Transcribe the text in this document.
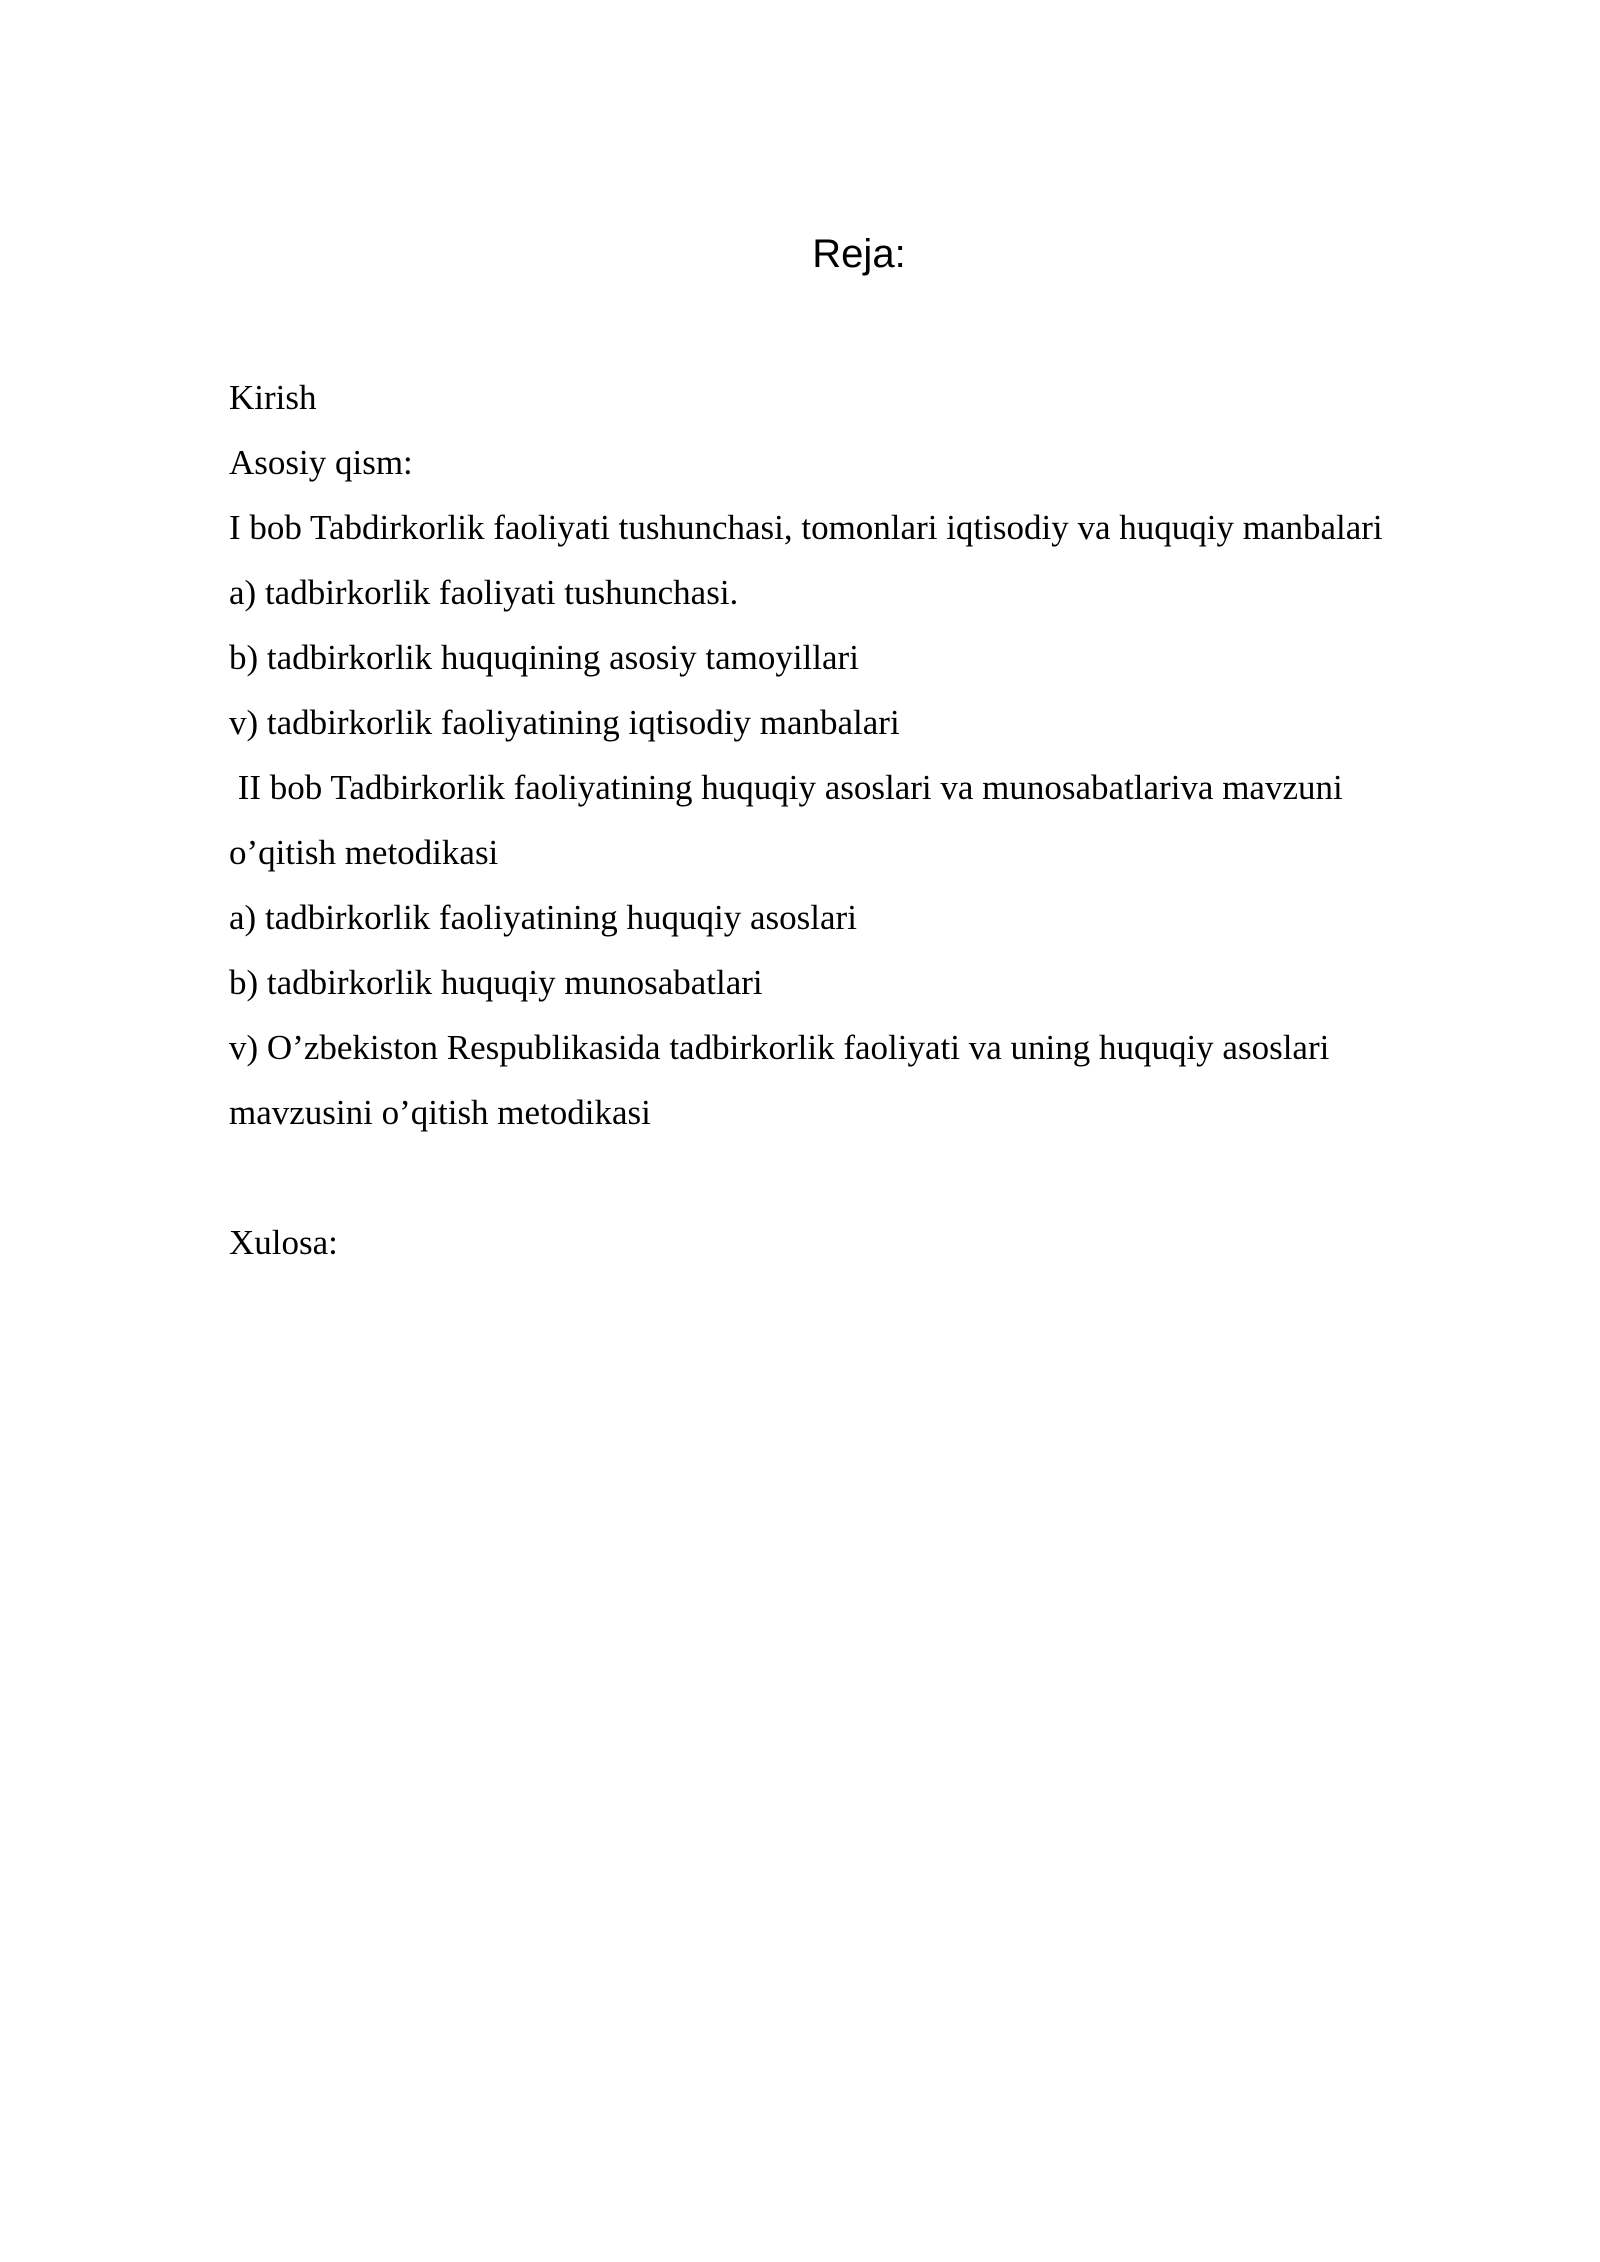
Reja:
Kirish
Asosiy qism:
I bob Tabdirkorlik faoliyati tushunchasi, tomonlari iqtisodiy va huquqiy manbalari
a) tadbirkorlik faoliyati tushunchasi.
b) tadbirkorlik huquqining asosiy tamoyillari
v) tadbirkorlik faoliyatining iqtisodiy manbalari
II bob Tadbirkorlik faoliyatining huquqiy asoslari va munosabatlariva mavzuni
o’qitish metodikasi
a) tadbirkorlik faoliyatining huquqiy asoslari
b) tadbirkorlik huquqiy munosabatlari
v) O’zbekiston Respublikasida tadbirkorlik faoliyati va uning huquqiy asoslari
mavzusini o’qitish metodikasi
Xulosa:
